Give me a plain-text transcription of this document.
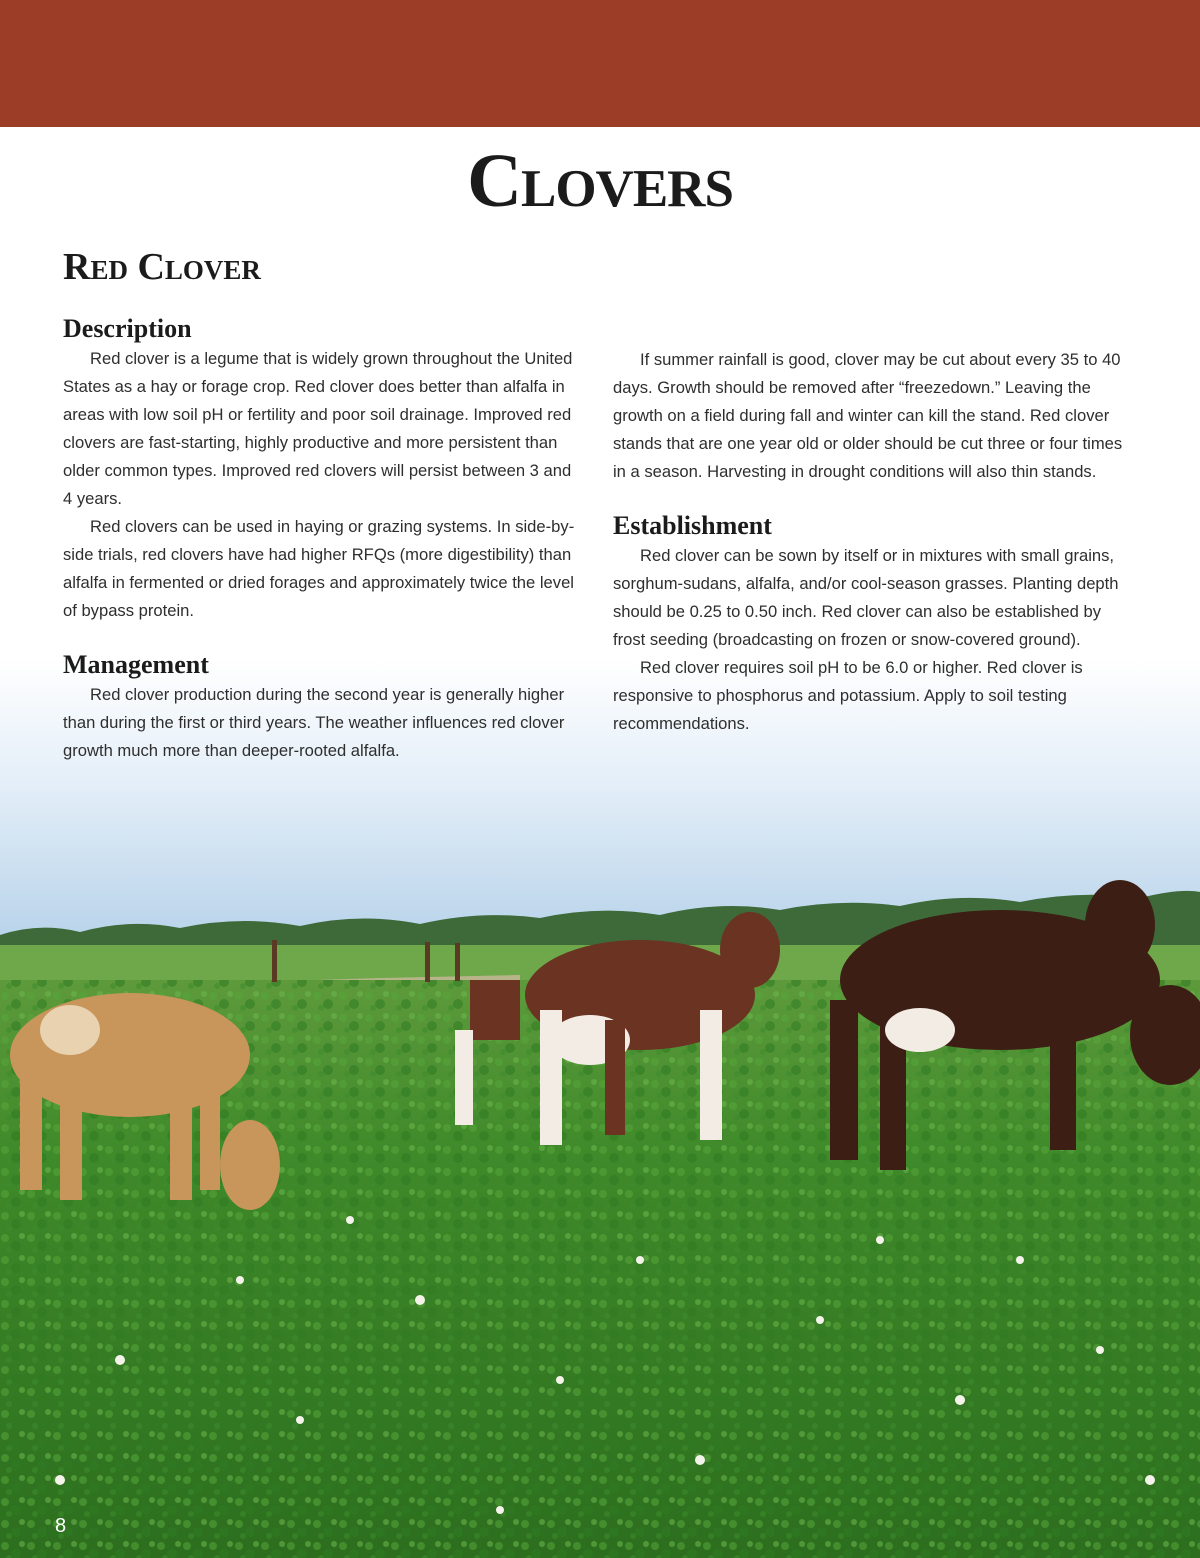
Clovers
Red Clover
Description

Red clover is a legume that is widely grown throughout the United States as a hay or forage crop. Red clover does better than alfalfa in areas with low soil pH or fertility and poor soil drainage. Improved red clovers are fast-starting, highly productive and more persistent than older common types. Improved red clovers will persist between 3 and 4 years.

Red clovers can be used in haying or grazing systems. In side-by-side trials, red clovers have had higher RFQs (more digestibility) than alfalfa in fermented or dried forages and approximately twice the level of bypass protein.

Management

Red clover production during the second year is generally higher than during the first or third years. The weather influences red clover growth much more than deeper-rooted alfalfa.

If summer rainfall is good, clover may be cut about every 35 to 40 days. Growth should be removed after “freezedown.” Leaving the growth on a field during fall and winter can kill the stand. Red clover stands that are one year old or older should be cut three or four times in a season. Harvesting in drought conditions will also thin stands.

Establishment

Red clover can be sown by itself or in mixtures with small grains, sorghum-sudans, alfalfa, and/or cool-season grasses. Planting depth should be 0.25 to 0.50 inch. Red clover can also be established by frost seeding (broadcasting on frozen or snow-covered ground).

Red clover requires soil pH to be 6.0 or higher. Red clover is responsive to phosphorus and potassium. Apply to soil testing recommendations.

8
